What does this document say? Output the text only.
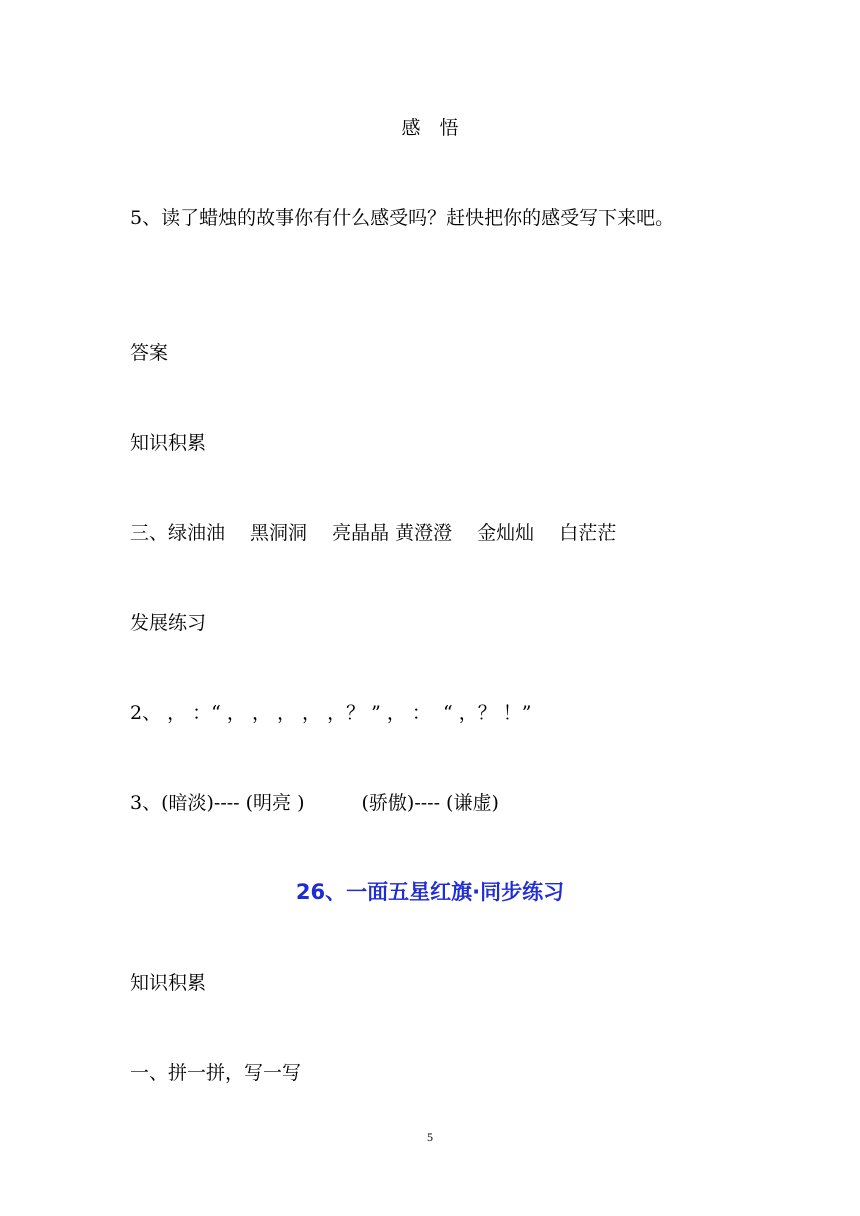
感　悟
5、读了蜡烛的故事你有什么感受吗？赶快把你的感受写下来吧。
答案
知识积累
三、绿油油　 黑洞洞　 亮晶晶 黄澄澄　 金灿灿　 白茫茫
发展练习
2、 ， ：“ ， ， ， ， ，？ ” ， ：  “ ，？ ！”
3、(暗淡)---- (明亮 )　　　(骄傲)---- (谦虚)
26、一面五星红旗·同步练习
知识积累
一、拼一拼，写一写
5
